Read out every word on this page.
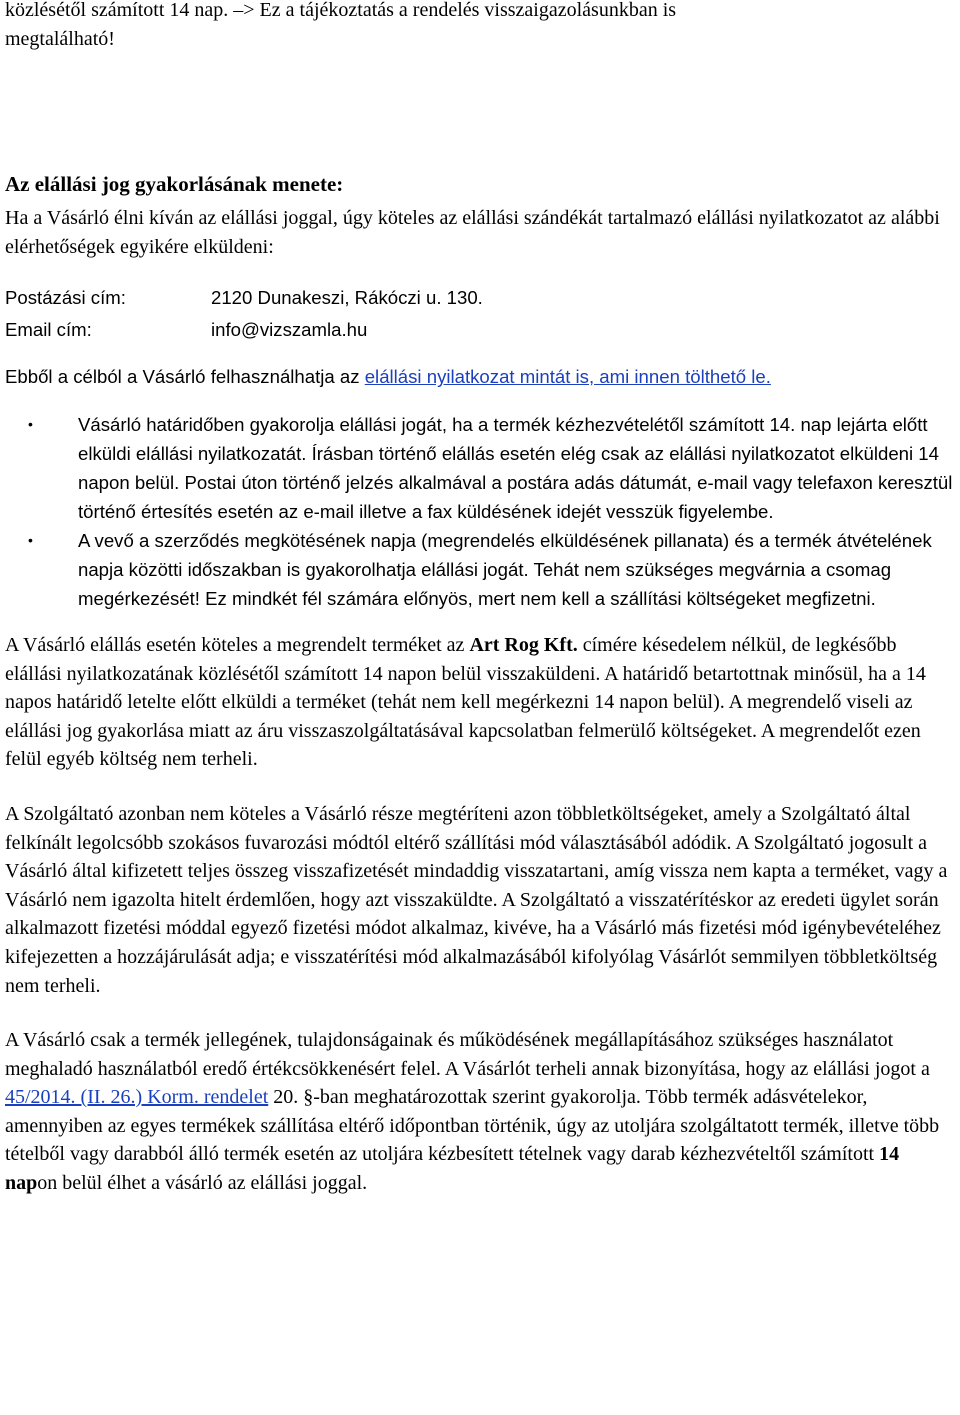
közlésétől számított 14 nap. –> Ez a tájékoztatás a rendelés visszaigazolásunkban is
megtalálható!

Az elállási jog gyakorlásának menete:

Ha a Vásárló élni kíván az elállási joggal, úgy köteles az elállási szándékát tartalmazó elállási nyilatkozatot az alábbi elérhetőségek egyikére elküldeni:

Postázási cím:	2120 Dunakeszi, Rákóczi u. 130.
Email cím:	info@vizszamla.hu

Ebből a célból a Vásárló felhasználhatja az elállási nyilatkozat mintát is, ami innen tölthető le.

• Vásárló határidőben gyakorolja elállási jogát, ha a termék kézhezvételétől számított 14. nap lejárta előtt elküldi elállási nyilatkozatát. Írásban történő elállás esetén elég csak az elállási nyilatkozatot elküldeni 14 napon belül. Postai úton történő jelzés alkalmával a postára adás dátumát, e-mail vagy telefaxon keresztül történő értesítés esetén az e-mail illetve a fax küldésének idejét vesszük figyelembe.
• A vevő a szerződés megkötésének napja (megrendelés elküldésének pillanata) és a termék átvételének napja közötti időszakban is gyakorolhatja elállási jogát. Tehát nem szükséges megvárnia a csomag megérkezését! Ez mindkét fél számára előnyös, mert nem kell a szállítási költségeket megfizetni.

A Vásárló elállás esetén köteles a megrendelt terméket az Art Rog Kft. címére késedelem nélkül, de legkésőbb elállási nyilatkozatának közlésétől számított 14 napon belül visszaküldeni. A határidő betartottnak minősül, ha a 14 napos határidő letelte előtt elküldi a terméket (tehát nem kell megérkezni 14 napon belül). A megrendelő viseli az elállási jog gyakorlása miatt az áru visszaszolgáltatásával kapcsolatban felmerülő költségeket. A megrendelőt ezen felül egyéb költség nem terheli.

A Szolgáltató azonban nem köteles a Vásárló része megtéríteni azon többletköltségeket, amely a Szolgáltató által felkínált legolcsóbb szokásos fuvarozási módtól eltérő szállítási mód választásából adódik. A Szolgáltató jogosult a Vásárló által kifizetett teljes összeg visszafizetését mindaddig visszatartani, amíg vissza nem kapta a terméket, vagy a Vásárló nem igazolta hitelt érdemlően, hogy azt visszaküldte. A Szolgáltató a visszatérítéskor az eredeti ügylet során alkalmazott fizetési móddal egyező fizetési módot alkalmaz, kivéve, ha a Vásárló más fizetési mód igénybevételéhez kifejezetten a hozzájárulását adja; e visszatérítési mód alkalmazásából kifolyólag Vásárlót semmilyen többletköltség nem terheli.

A Vásárló csak a termék jellegének, tulajdonságainak és működésének megállapításához szükséges használatot meghaladó használatból eredő értékcsökkenésért felel. A Vásárlót terheli annak bizonyítása, hogy az elállási jogot a 45/2014. (II. 26.) Korm. rendelet 20. §-ban meghatározottak szerint gyakorolja. Több termék adásvételekor, amennyiben az egyes termékek szállítása eltérő időpontban történik, úgy az utoljára szolgáltatott termék, illetve több tételből vagy darabból álló termék esetén az utoljára kézbesített tételnek vagy darab kézhezvételtől számított 14 napon belül élhet a vásárló az elállási joggal.
